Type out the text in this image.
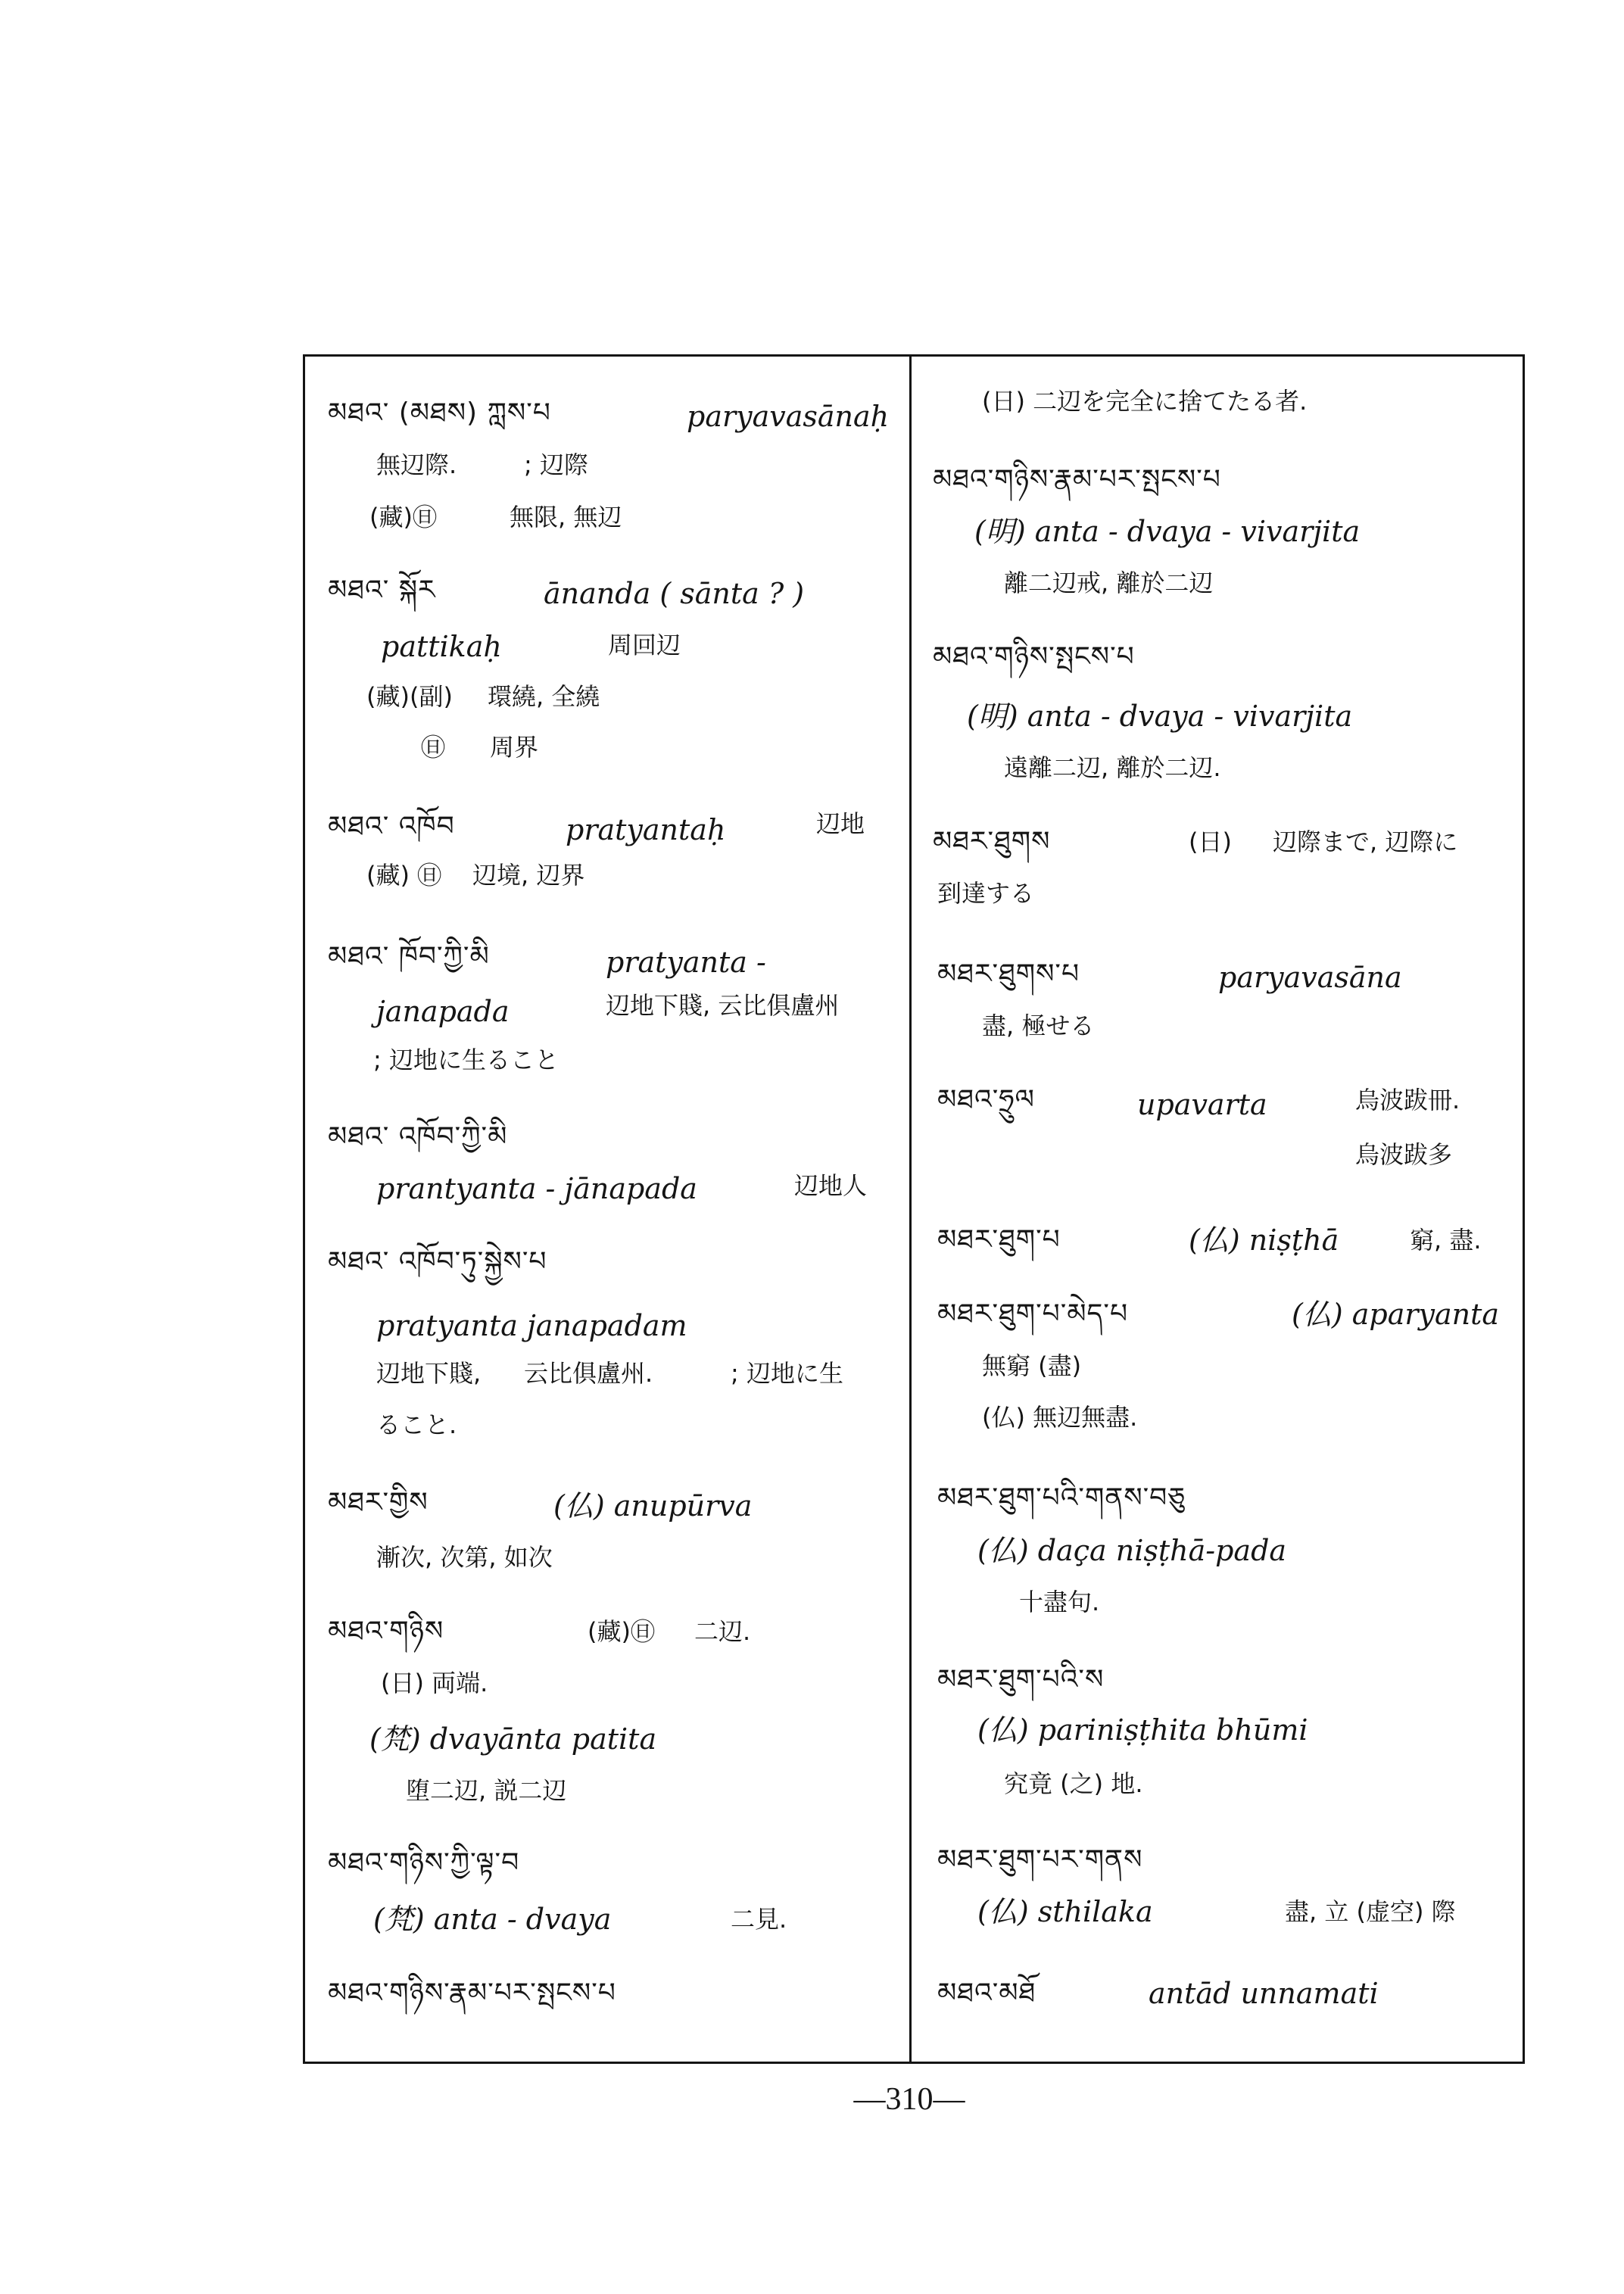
མཐའ་ (མཐས) ཀླས་པ	paryavasānaḥ
無辺際.	; 辺際
(藏)㊐	無限, 無辺
མཐའ་ སྐོར	ānanda ( sānta ? )
pattikaḥ	周回辺
(藏)(副) 環繞, 全繞
㊐ 周界
མཐའ་ འཁོབ	pratyantaḥ	辺地
(藏) ㊐ 辺境, 辺界
མཐའ་ ཁོབ་ཀྱི་མི	pratyanta -
janapada	辺地下賤, 云比俱盧州
; 辺地に生ること
མཐའ་ འཁོབ་ཀྱི་མི
prantyanta - jānapada	辺地人
མཐའ་ འཁོབ་ཏུ་སྐྱེས་པ
pratyanta janapadam
辺地下賤, 云比俱盧州.	; 辺地に生
ること.
མཐར་གྱིས	(仏) anupūrva
漸次, 次第, 如次
མཐའ་གཉིས	(藏)㊐ 二辺.
(日) 両端.
(梵) dvayānta patita
堕二辺, 説二辺
མཐའ་གཉིས་ཀྱི་ལྟ་བ
(梵) anta - dvaya	二見.
མཐའ་གཉིས་རྣམ་པར་སྤངས་པ
(日) 二辺を完全に捨てたる者.
མཐའ་གཉིས་རྣམ་པར་སྤངས་པ
(明) anta - dvaya - vivarjita
離二辺戒, 離於二辺
མཐའ་གཉིས་སྤངས་པ
(明) anta - dvaya - vivarjita
遠離二辺, 離於二辺.
མཐར་ཐུགས	(日) 辺際まで, 辺際に
到達する
མཐར་ཐུགས་པ	paryavasāna
盡, 極せる
མཐའ་ཧྲུལ	upavarta	烏波跋冊.
烏波跋多
མཐར་ཐུག་པ	(仏) niṣṭhā	窮, 盡.
མཐར་ཐུག་པ་མེད་པ	(仏) aparyanta
無窮 (盡)
(仏) 無辺無盡.
མཐར་ཐུག་པའི་གནས་བཅུ
(仏) daça niṣṭhā-pada
十盡句.
མཐར་ཐུག་པའི་ས
(仏) pariniṣṭhita bhūmi
究竟 (之) 地.
མཐར་ཐུག་པར་གནས
(仏) sthilaka	盡, 立 (虚空) 際
མཐའ་མཐོ	antād unnamati
—310—
